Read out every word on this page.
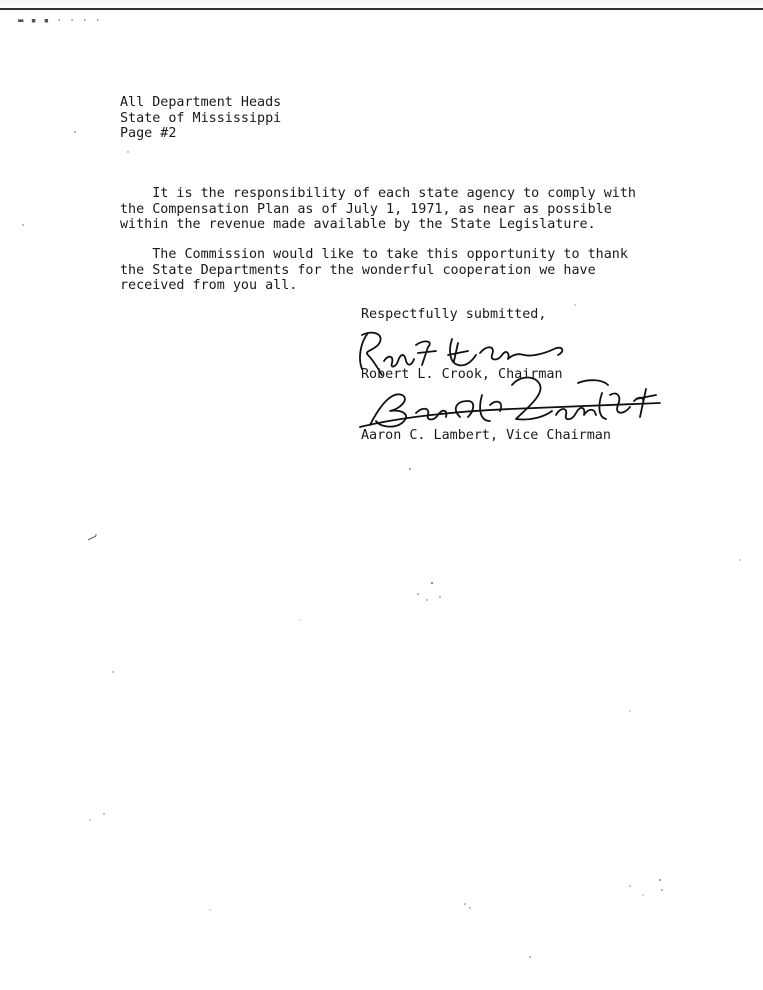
▬ ▪ ▪ · · · ·
All Department Heads
State of Mississippi
Page #2
It is the responsibility of each state agency to comply with
the Compensation Plan as of July 1, 1971, as near as possible
within the revenue made available by the State Legislature.
The Commission would like to take this opportunity to thank
the State Departments for the wonderful cooperation we have
received from you all.
Respectfully submitted,
Robert L. Crook, Chairman
Aaron C. Lambert, Vice Chairman
